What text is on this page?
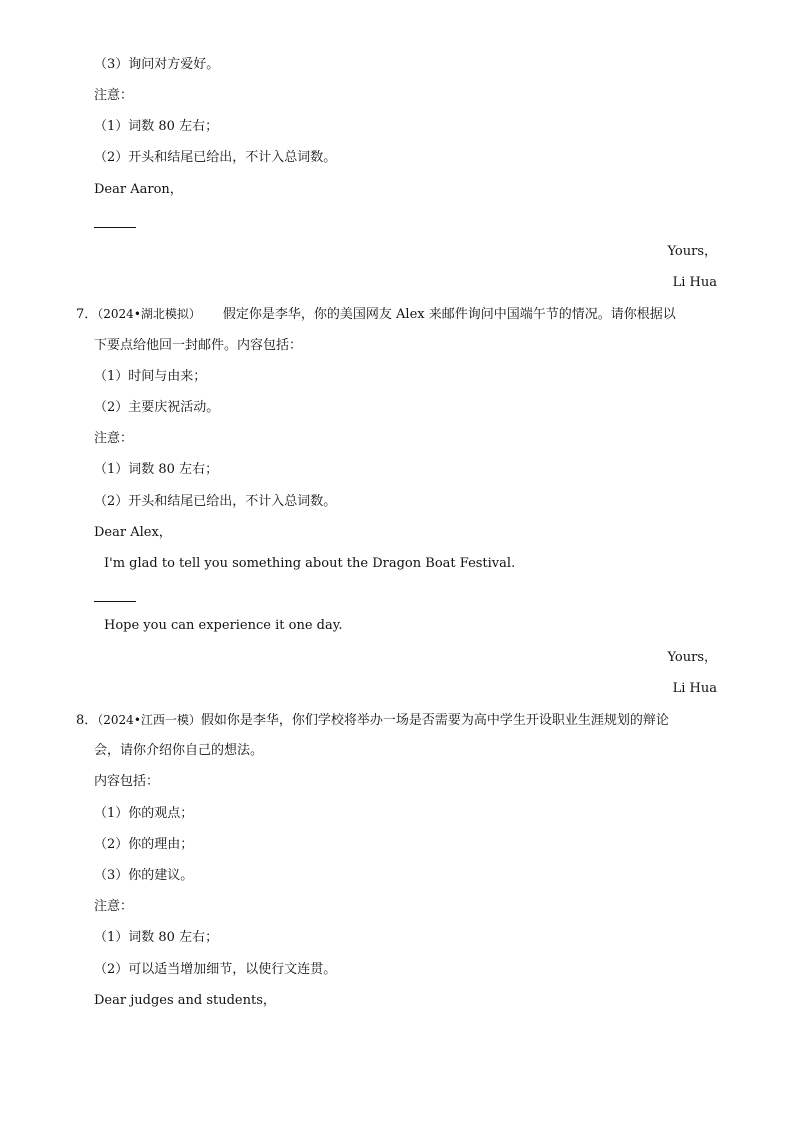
（3）询问对方爱好。
注意：
（1）词数 80 左右；
（2）开头和结尾已给出，不计入总词数。
Dear Aaron，
Yours，
Li Hua
7．（2024•湖北模拟） 假定你是李华，你的美国网友 Alex 来邮件询问中国端午节的情况。请你根据以
下要点给他回一封邮件。内容包括：
（1）时间与由来；
（2）主要庆祝活动。
注意：
（1）词数 80 左右；
（2）开头和结尾已给出，不计入总词数。
Dear Alex，
I'm glad to tell you something about the Dragon Boat Festival.
Hope you can experience it one day.
Yours，
Li Hua
8．（2024•江西一模）假如你是李华，你们学校将举办一场是否需要为高中学生开设职业生涯规划的辩论
会，请你介绍你自己的想法。
内容包括：
（1）你的观点；
（2）你的理由；
（3）你的建议。
注意：
（1）词数 80 左右；
（2）可以适当增加细节，以使行文连贯。
Dear judges and students，
